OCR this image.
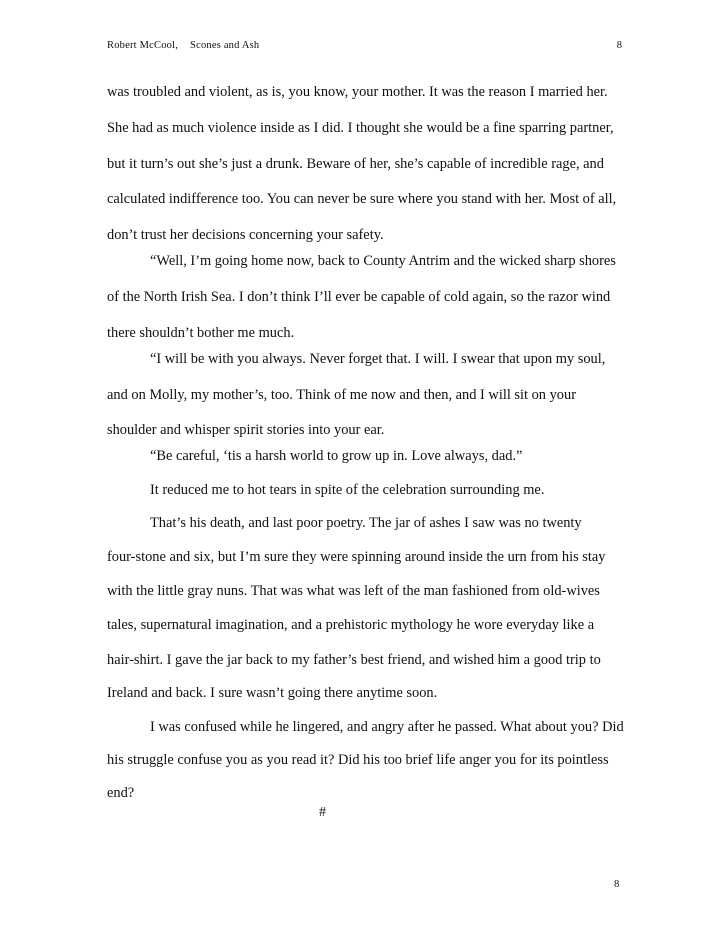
Robert McCool, Scones and Ash	8
was troubled and violent, as is, you know, your mother. It was the reason I married her.
She had as much violence inside as I did. I thought she would be a fine sparring partner,
but it turn’s out she’s just a drunk. Beware of her, she’s capable of incredible rage, and
calculated indifference too. You can never be sure where you stand with her. Most of all,
don’t trust her decisions concerning your safety.
“Well, I’m going home now, back to County Antrim and the wicked sharp shores
of the North Irish Sea. I don’t think I’ll ever be capable of cold again, so the razor wind
there shouldn’t bother me much.
“I will be with you always. Never forget that. I will. I swear that upon my soul,
and on Molly, my mother’s, too. Think of me now and then, and I will sit on your
shoulder and whisper spirit stories into your ear.
“Be careful, ‘tis a harsh world to grow up in. Love always, dad.”
It reduced me to hot tears in spite of the celebration surrounding me.
That’s his death, and last poor poetry. The jar of ashes I saw was no twenty
four-stone and six, but I’m sure they were spinning around inside the urn from his stay
with the little gray nuns. That was what was left of the man fashioned from old-wives
tales, supernatural imagination, and a prehistoric mythology he wore everyday like a
hair-shirt. I gave the jar back to my father’s best friend, and wished him a good trip to
Ireland and back. I sure wasn’t going there anytime soon.
I was confused while he lingered, and angry after he passed. What about you? Did
his struggle confuse you as you read it? Did his too brief life anger you for its pointless
end?
#
8
